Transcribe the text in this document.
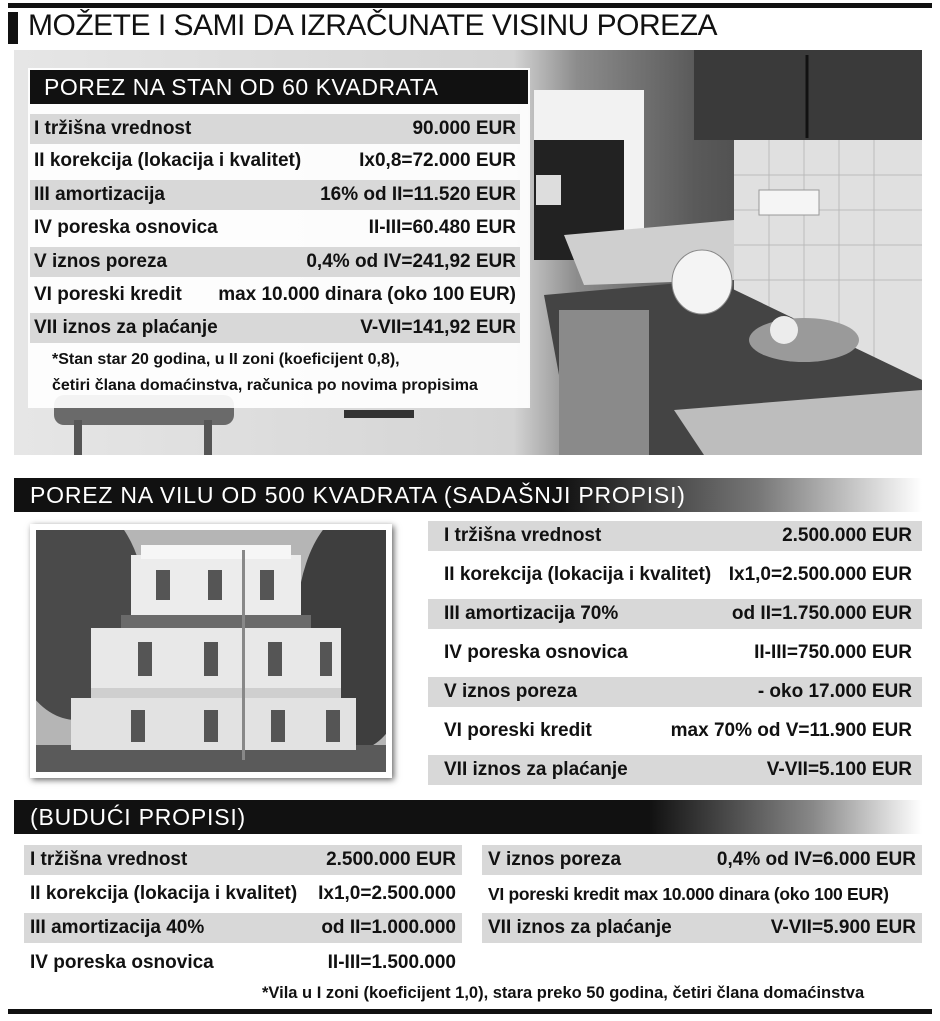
MOŽETE I SAMI DA IZRAČUNATE VISINU POREZA
POREZ NA STAN OD 60 KVADRATA
I tržišna vrednost	90.000 EUR
II korekcija (lokacija i kvalitet)	Ix0,8=72.000 EUR
III amortizacija	16% od II=11.520 EUR
IV poreska osnovica	II-III=60.480 EUR
V iznos poreza	0,4% od IV=241,92 EUR
VI poreski kredit max 10.000 dinara (oko 100 EUR)
VII iznos za plaćanje	V-VII=141,92 EUR
*Stan star 20 godina, u II zoni (koeficijent 0,8),
četiri člana domaćinstva, računica po novima propisima
POREZ NA VILU OD 500 KVADRATA (SADAŠNJI PROPISI)
I tržišna vrednost	2.500.000 EUR
II korekcija (lokacija i kvalitet) Ix1,0=2.500.000 EUR
III amortizacija 70%	od II=1.750.000 EUR
IV poreska osnovica	II-III=750.000 EUR
V iznos poreza	- oko 17.000 EUR
VI poreski kredit	max 70% od V=11.900 EUR
VII iznos za plaćanje	V-VII=5.100 EUR
(BUDUĆI PROPISI)
I tržišna vrednost	2.500.000 EUR
II korekcija (lokacija i kvalitet) Ix1,0=2.500.000
III amortizacija 40%	od II=1.000.000
IV poreska osnovica	II-III=1.500.000
V iznos poreza	0,4% od IV=6.000 EUR
VI poreski kredit max 10.000 dinara (oko 100 EUR)
VII iznos za plaćanje	V-VII=5.900 EUR
*Vila u I zoni (koeficijent 1,0), stara preko 50 godina, četiri člana domaćinstva
